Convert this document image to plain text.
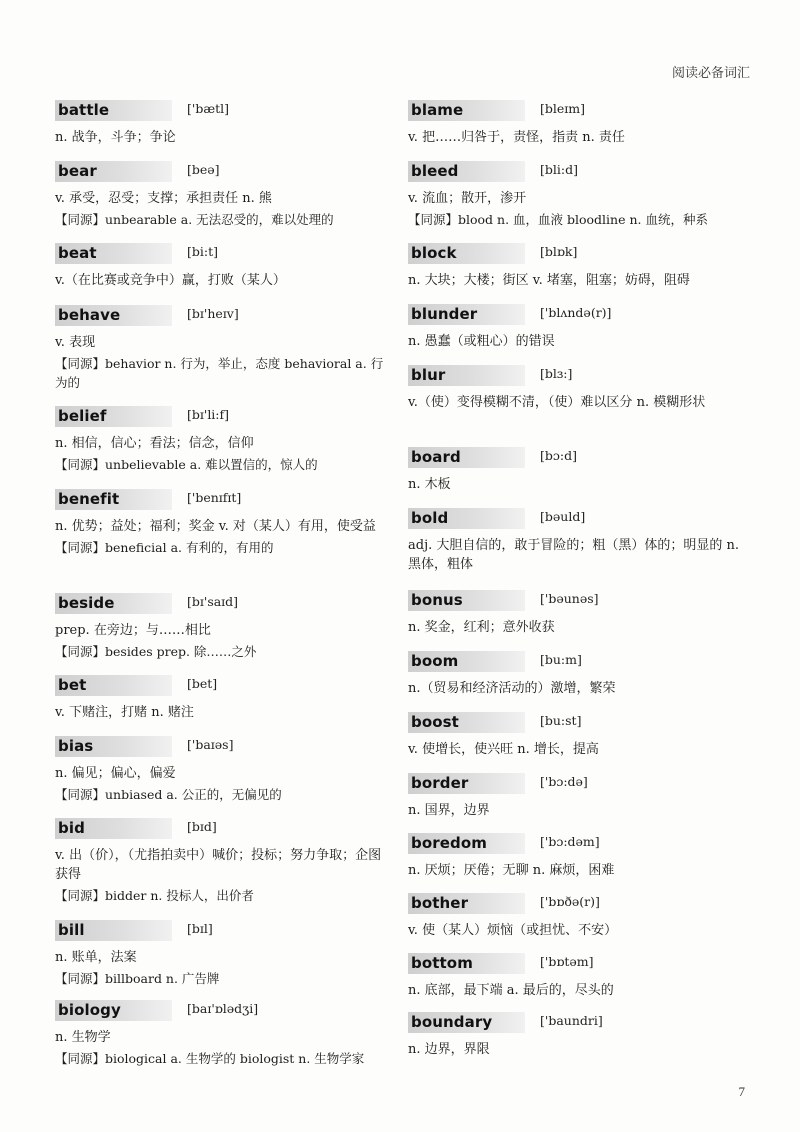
阅读必备词汇
battle	['bætl]
n. 战争，斗争；争论
bear	[beə]
v. 承受，忍受；支撑；承担责任 n. 熊
【同源】unbearable a. 无法忍受的，难以处理的
beat	[bi:t]
v.（在比赛或竞争中）赢，打败（某人）
behave	[bɪ'heɪv]
v. 表现
【同源】behavior n. 行为，举止，态度 behavioral a. 行为的
belief	[bɪ'li:f]
n. 相信，信心；看法；信念，信仰
【同源】unbelievable a. 难以置信的，惊人的
benefit	['benɪfɪt]
n. 优势；益处；福利；奖金 v. 对（某人）有用，使受益
【同源】beneficial a. 有利的，有用的
beside	[bɪ'saɪd]
prep. 在旁边；与……相比
【同源】besides prep. 除……之外
bet	[bet]
v. 下赌注，打赌 n. 赌注
bias	['baɪəs]
n. 偏见；偏心，偏爱
【同源】unbiased a. 公正的，无偏见的
bid	[bɪd]
v. 出（价），（尤指拍卖中）喊价；投标；努力争取；企图获得
【同源】bidder n. 投标人，出价者
bill	[bɪl]
n. 账单，法案
【同源】billboard n. 广告牌
biology	[baɪ'ɒlədʒi]
n. 生物学
【同源】biological a. 生物学的 biologist n. 生物学家
blame	[bleɪm]
v. 把……归咎于，责怪，指责 n. 责任
bleed	[bli:d]
v. 流血；散开，渗开
【同源】blood n. 血，血液 bloodline n. 血统，种系
block	[blɒk]
n. 大块；大楼；街区 v. 堵塞，阻塞；妨碍，阻碍
blunder	['blʌndə(r)]
n. 愚蠢（或粗心）的错误
blur	[blɜ:]
v.（使）变得模糊不清，（使）难以区分 n. 模糊形状
board	[bɔ:d]
n. 木板
bold	[bəuld]
adj. 大胆自信的，敢于冒险的；粗（黑）体的；明显的 n. 黑体，粗体
bonus	['bəunəs]
n. 奖金，红利；意外收获
boom	[bu:m]
n.（贸易和经济活动的）激增，繁荣
boost	[bu:st]
v. 使增长，使兴旺 n. 增长，提高
border	['bɔ:də]
n. 国界，边界
boredom	['bɔ:dəm]
n. 厌烦；厌倦；无聊 n. 麻烦，困难
bother	['bɒðə(r)]
v. 使（某人）烦恼（或担忧、不安）
bottom	['bɒtəm]
n. 底部，最下端 a. 最后的，尽头的
boundary	['baundri]
n. 边界，界限
7
